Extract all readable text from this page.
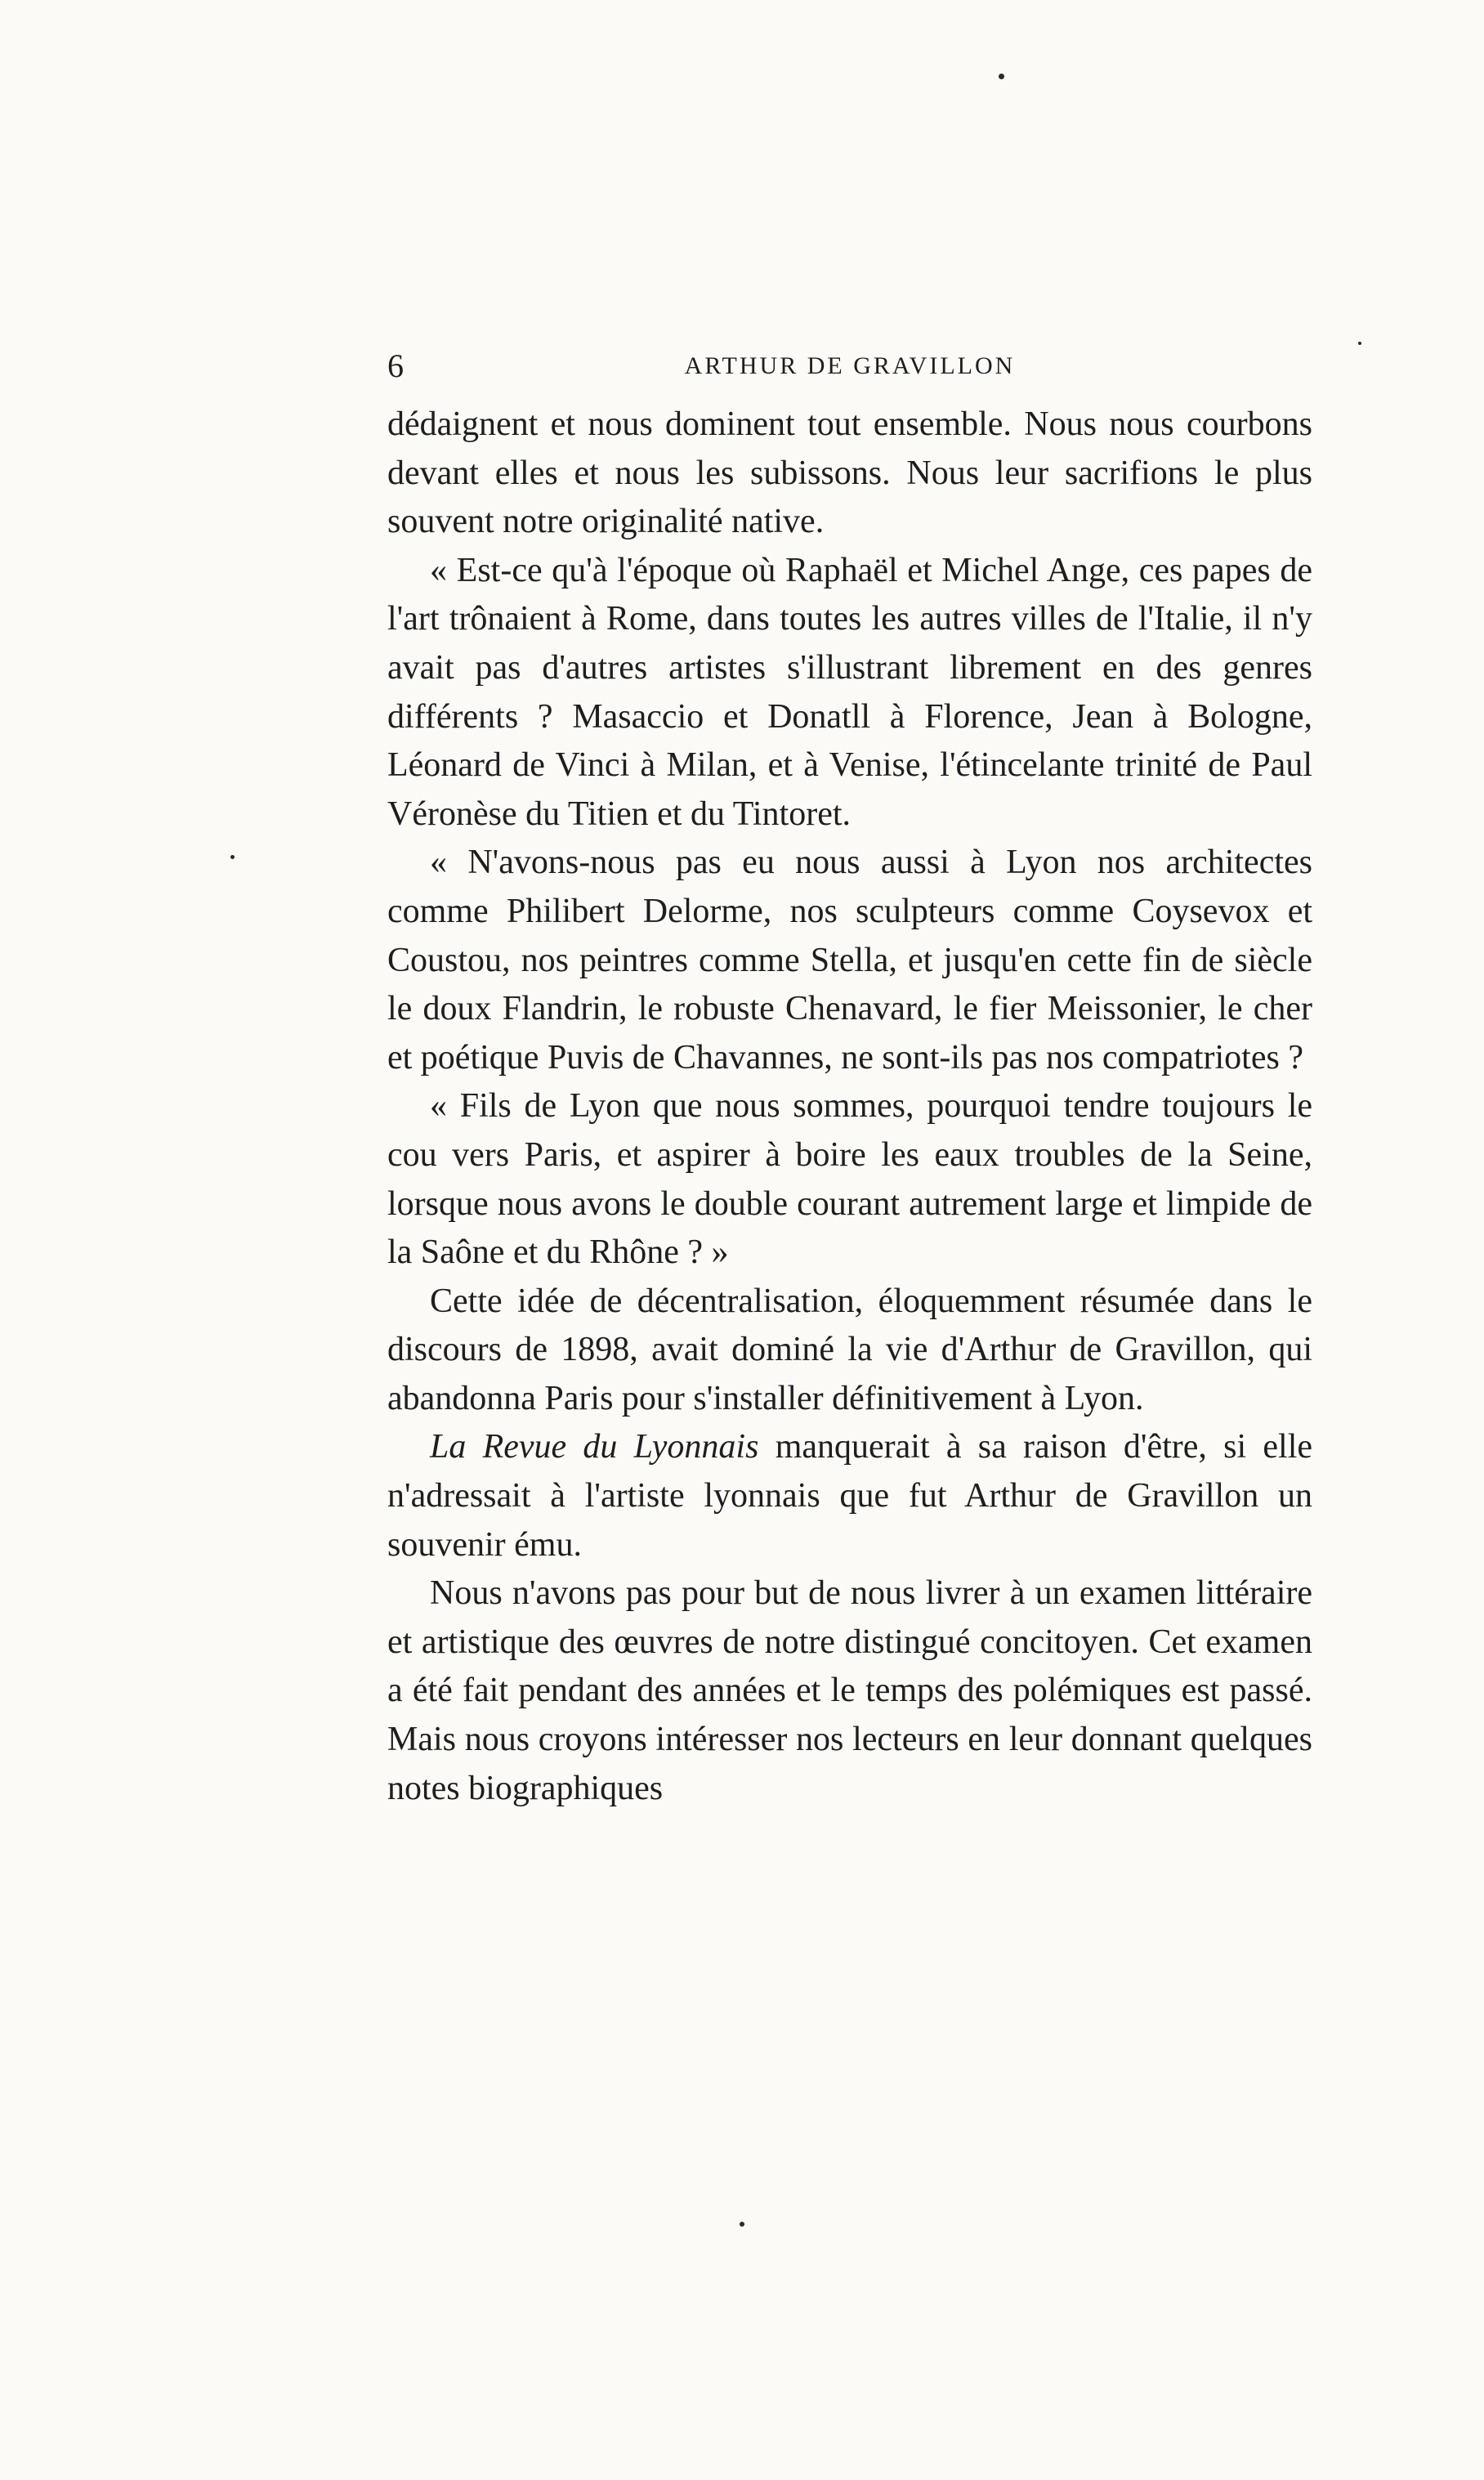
6	ARTHUR DE GRAVILLON

dédaignent et nous dominent tout ensemble. Nous nous courbons devant elles et nous les subissons. Nous leur sacrifions le plus souvent notre originalité native.

« Est-ce qu'à l'époque où Raphaël et Michel Ange, ces papes de l'art trônaient à Rome, dans toutes les autres villes de l'Italie, il n'y avait pas d'autres artistes s'illustrant librement en des genres différents ? Masaccio et Donatll à Florence, Jean à Bologne, Léonard de Vinci à Milan, et à Venise, l'étincelante trinité de Paul Véronèse du Titien et du Tintoret.

« N'avons-nous pas eu nous aussi à Lyon nos architectes comme Philibert Delorme, nos sculpteurs comme Coysevox et Coustou, nos peintres comme Stella, et jusqu'en cette fin de siècle le doux Flandrin, le robuste Chenavard, le fier Meissonier, le cher et poétique Puvis de Chavannes, ne sont-ils pas nos compatriotes ?

« Fils de Lyon que nous sommes, pourquoi tendre toujours le cou vers Paris, et aspirer à boire les eaux troubles de la Seine, lorsque nous avons le double courant autrement large et limpide de la Saône et du Rhône ? »

Cette idée de décentralisation, éloquemment résumée dans le discours de 1898, avait dominé la vie d'Arthur de Gravillon, qui abandonna Paris pour s'installer définitivement à Lyon.

La Revue du Lyonnais manquerait à sa raison d'être, si elle n'adressait à l'artiste lyonnais que fut Arthur de Gravillon un souvenir ému.

Nous n'avons pas pour but de nous livrer à un examen littéraire et artistique des œuvres de notre distingué concitoyen. Cet examen a été fait pendant des années et le temps des polémiques est passé. Mais nous croyons intéresser nos lecteurs en leur donnant quelques notes biographiques
